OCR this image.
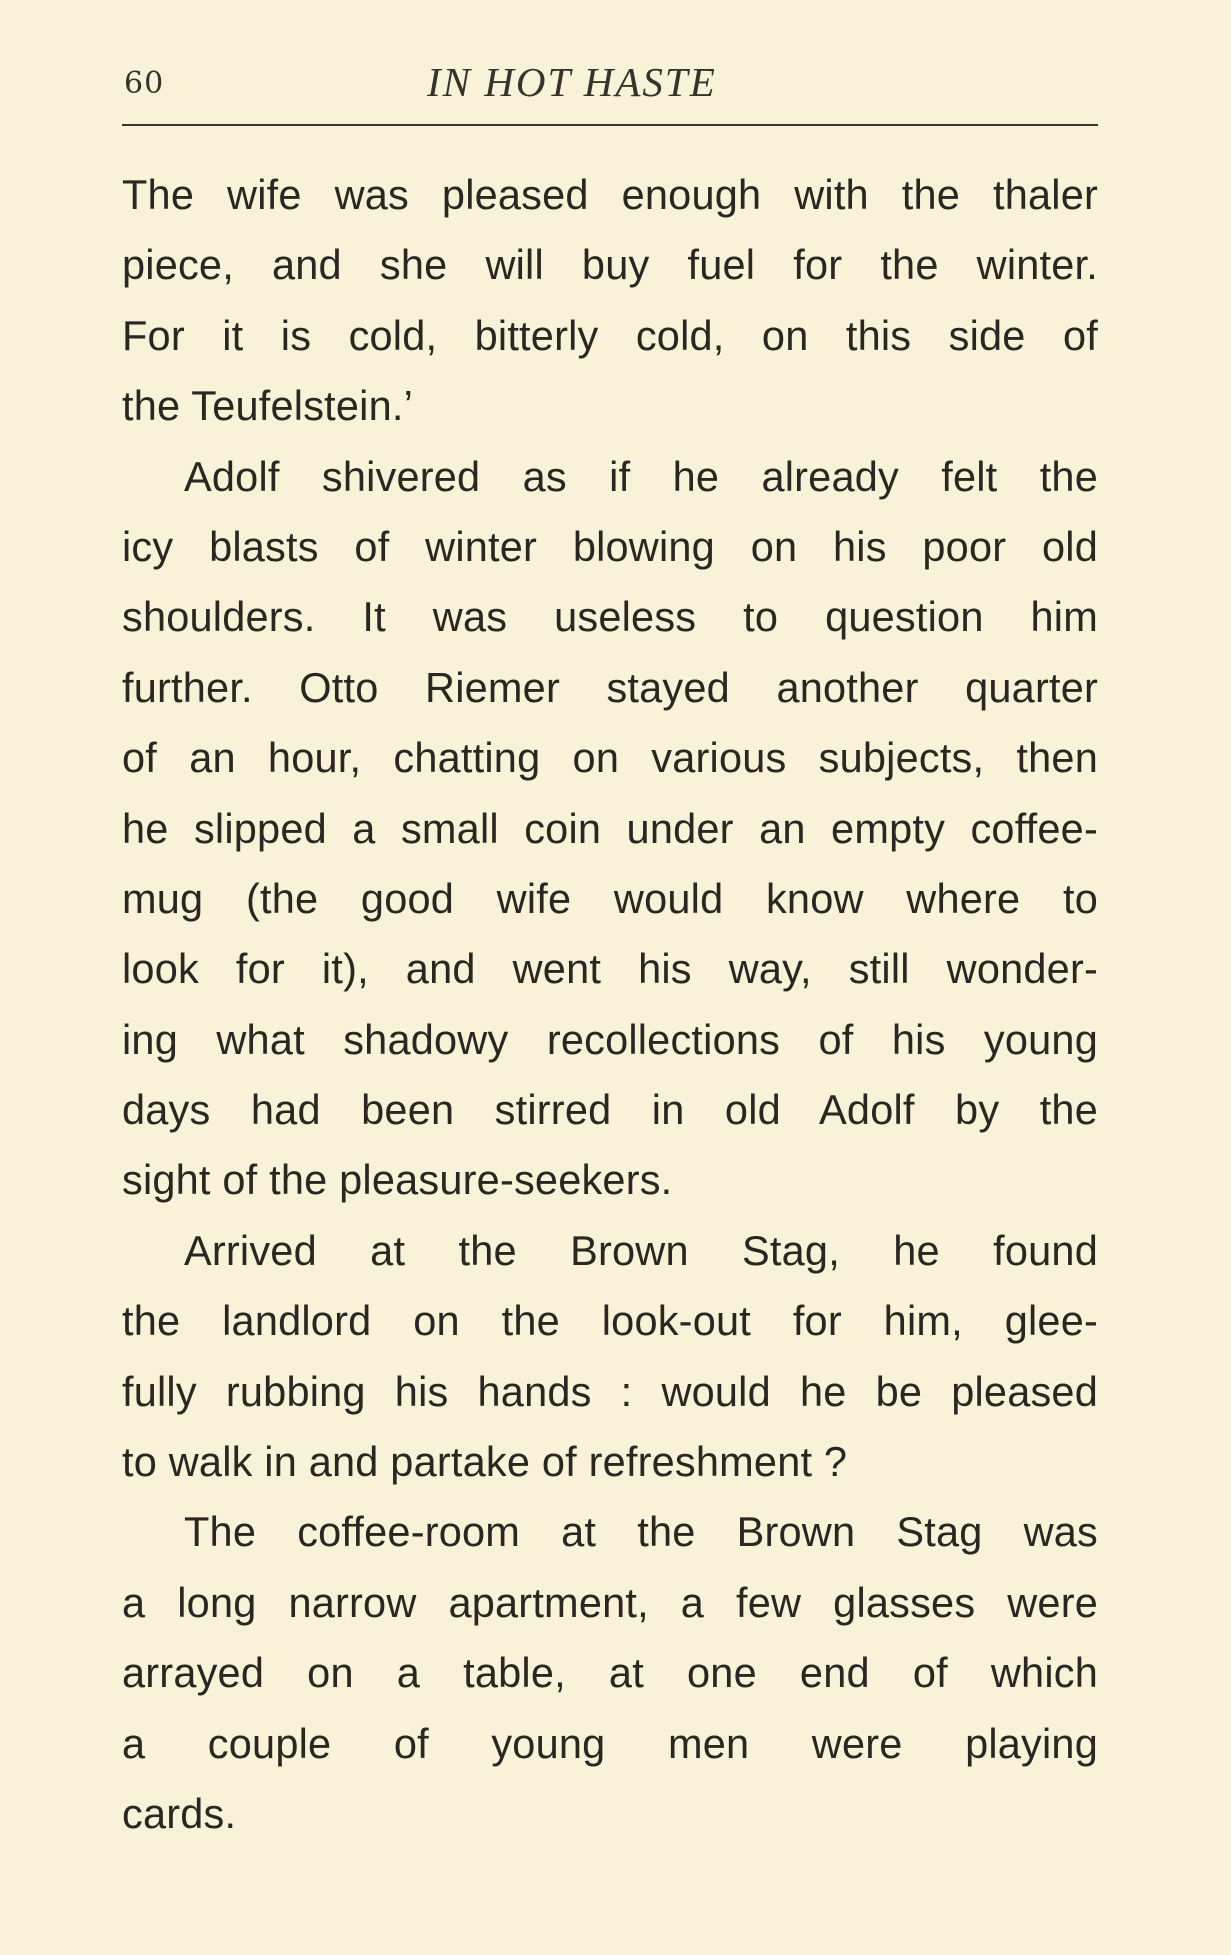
60	IN HOT HASTE
The wife was pleased enough with the thaler
piece, and she will buy fuel for the winter.
For it is cold, bitterly cold, on this side of
the Teufelstein.’
Adolf shivered as if he already felt the
icy blasts of winter blowing on his poor old
shoulders. It was useless to question him
further. Otto Riemer stayed another quarter
of an hour, chatting on various subjects, then
he slipped a small coin under an empty coffee-
mug (the good wife would know where to
look for it), and went his way, still wonder-
ing what shadowy recollections of his young
days had been stirred in old Adolf by the
sight of the pleasure-seekers.
Arrived at the Brown Stag, he found
the landlord on the look-out for him, glee-
fully rubbing his hands : would he be pleased
to walk in and partake of refreshment ?
The coffee-room at the Brown Stag was
a long narrow apartment, a few glasses were
arrayed on a table, at one end of which
a couple of young men were playing
cards.
